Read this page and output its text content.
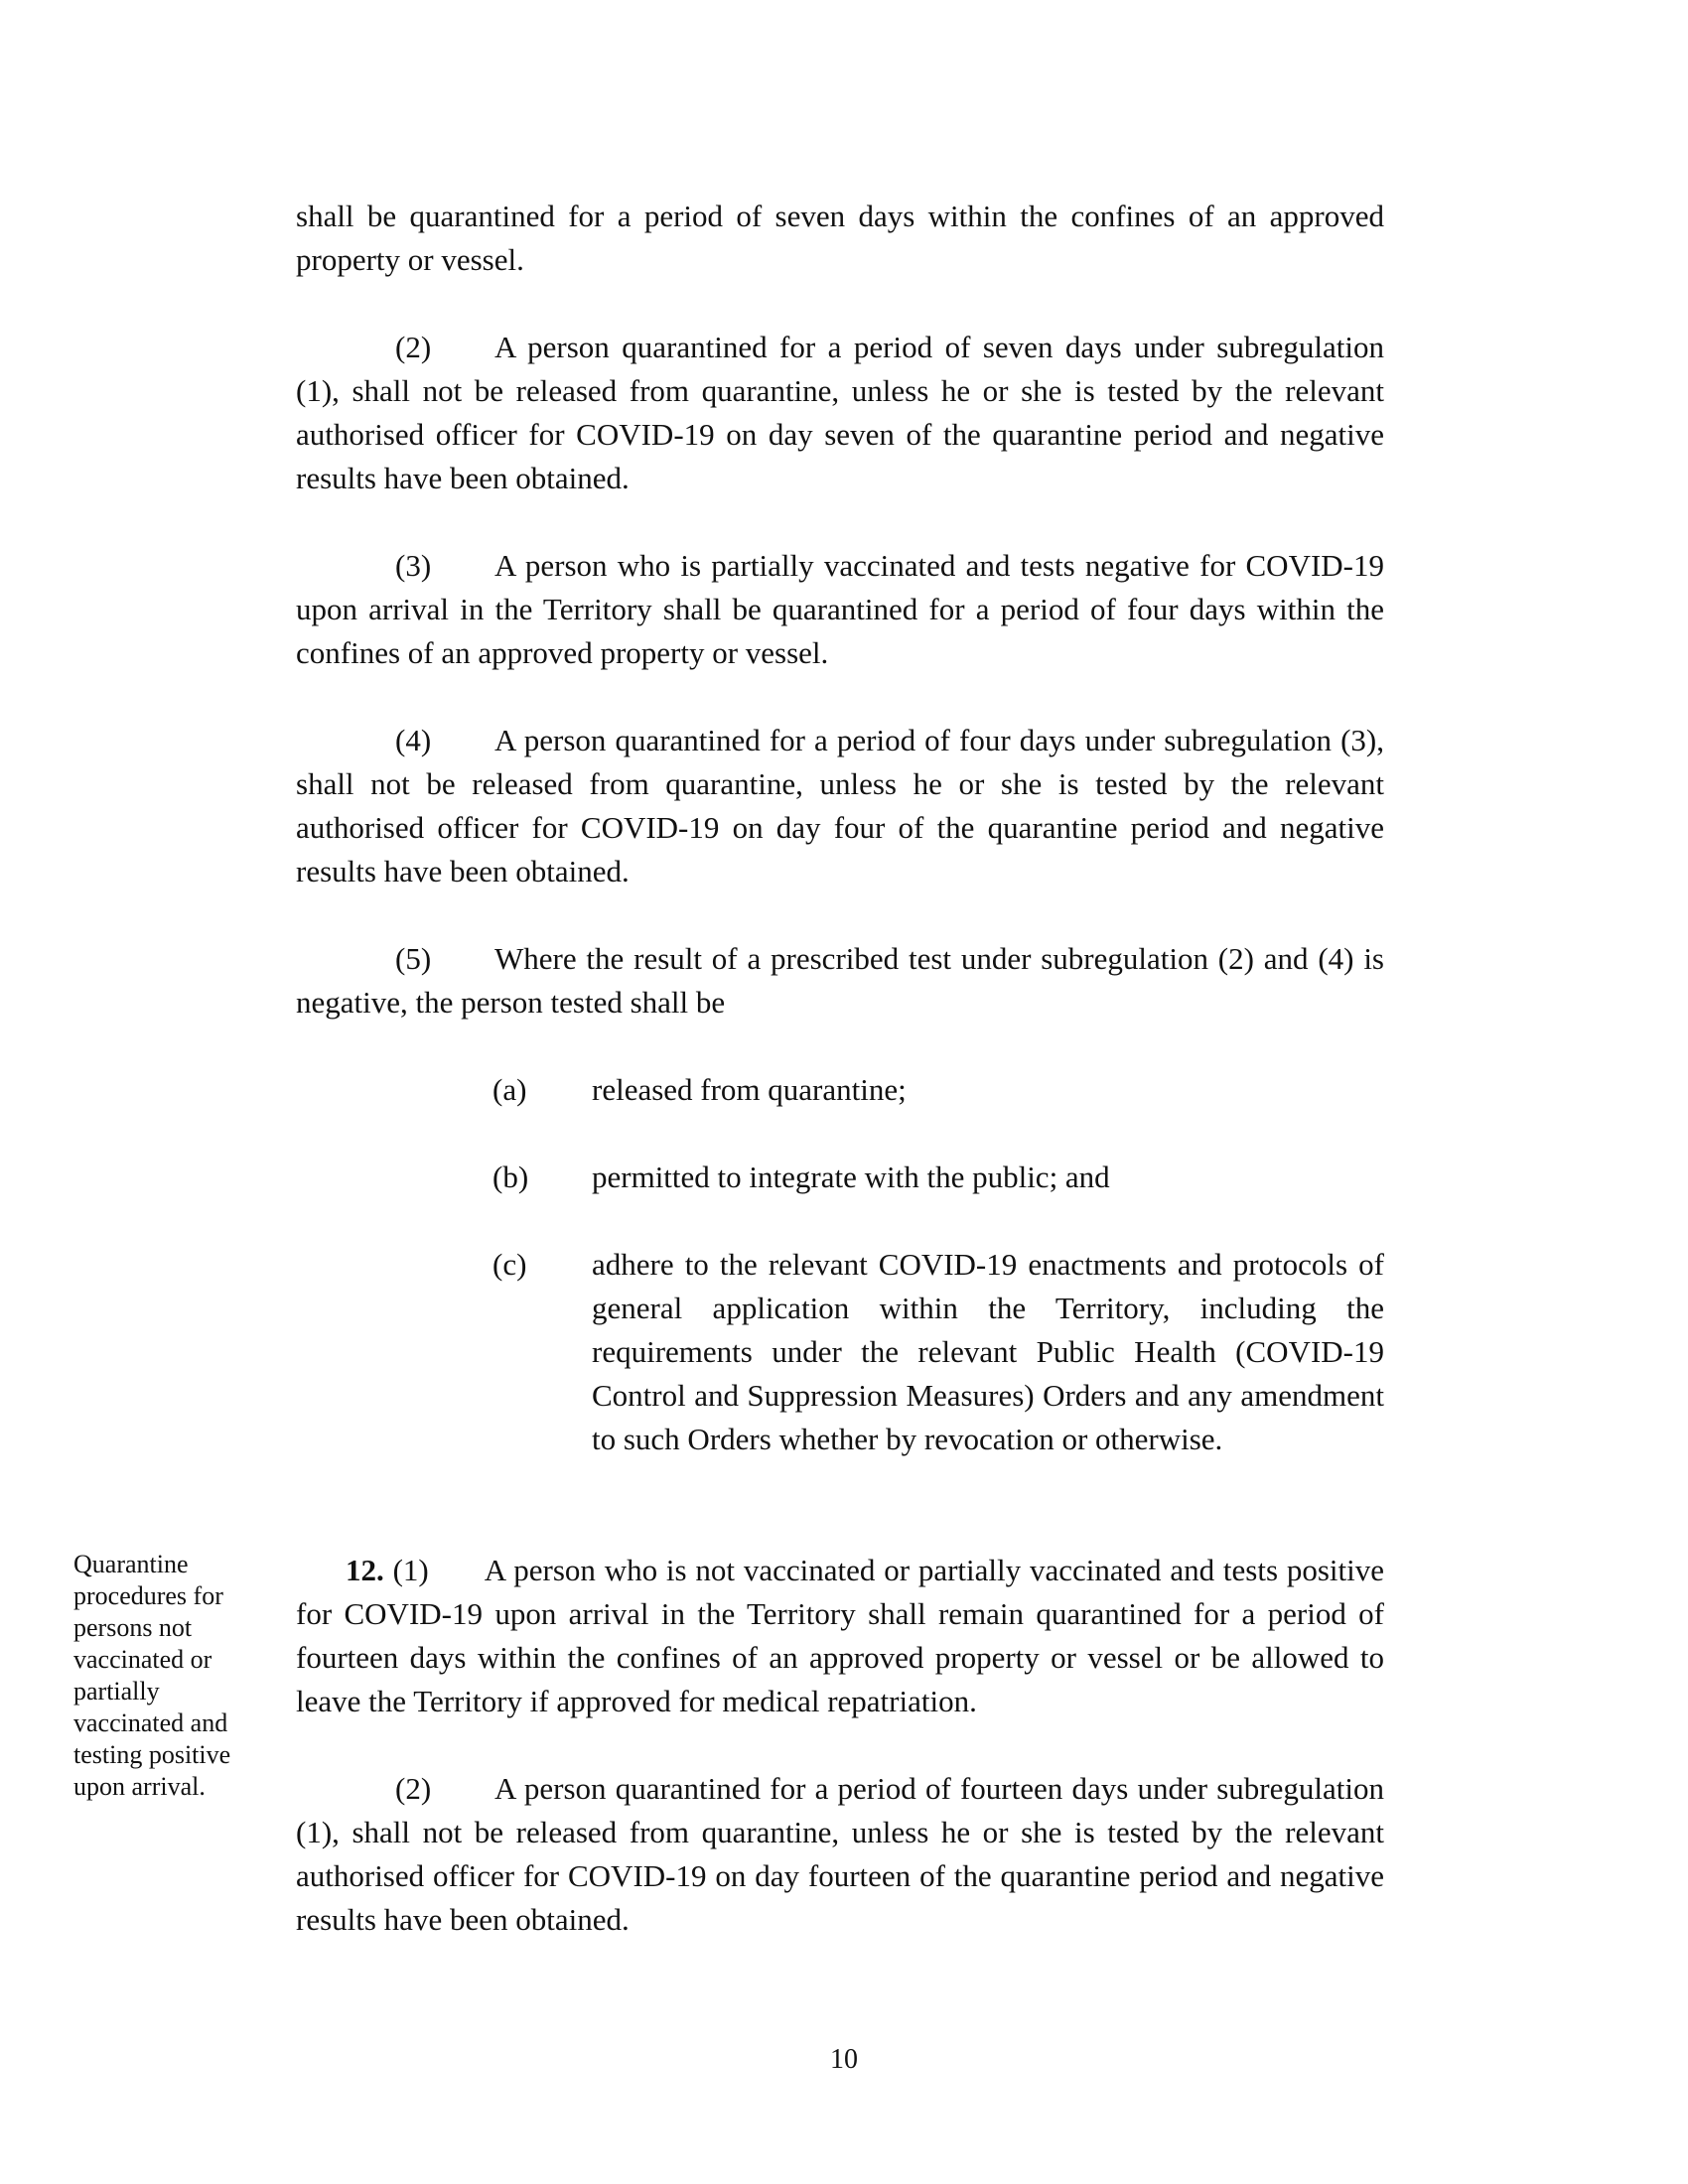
shall be quarantined for a period of seven days within the confines of an approved property or vessel.

(2) A person quarantined for a period of seven days under subregulation (1), shall not be released from quarantine, unless he or she is tested by the relevant authorised officer for COVID-19 on day seven of the quarantine period and negative results have been obtained.

(3) A person who is partially vaccinated and tests negative for COVID-19 upon arrival in the Territory shall be quarantined for a period of four days within the confines of an approved property or vessel.

(4) A person quarantined for a period of four days under subregulation (3), shall not be released from quarantine, unless he or she is tested by the relevant authorised officer for COVID-19 on day four of the quarantine period and negative results have been obtained.

(5) Where the result of a prescribed test under subregulation (2) and (4) is negative, the person tested shall be

(a)	released from quarantine;
(b)	permitted to integrate with the public; and
(c)	adhere to the relevant COVID-19 enactments and protocols of general application within the Territory, including the requirements under the relevant Public Health (COVID-19 Control and Suppression Measures) Orders and any amendment to such Orders whether by revocation or otherwise.
Quarantine procedures for persons not vaccinated or partially vaccinated and testing positive upon arrival.

12. (1) A person who is not vaccinated or partially vaccinated and tests positive for COVID-19 upon arrival in the Territory shall remain quarantined for a period of fourteen days within the confines of an approved property or vessel or be allowed to leave the Territory if approved for medical repatriation.

(2) A person quarantined for a period of fourteen days under subregulation (1), shall not be released from quarantine, unless he or she is tested by the relevant authorised officer for COVID-19 on day fourteen of the quarantine period and negative results have been obtained.

10
